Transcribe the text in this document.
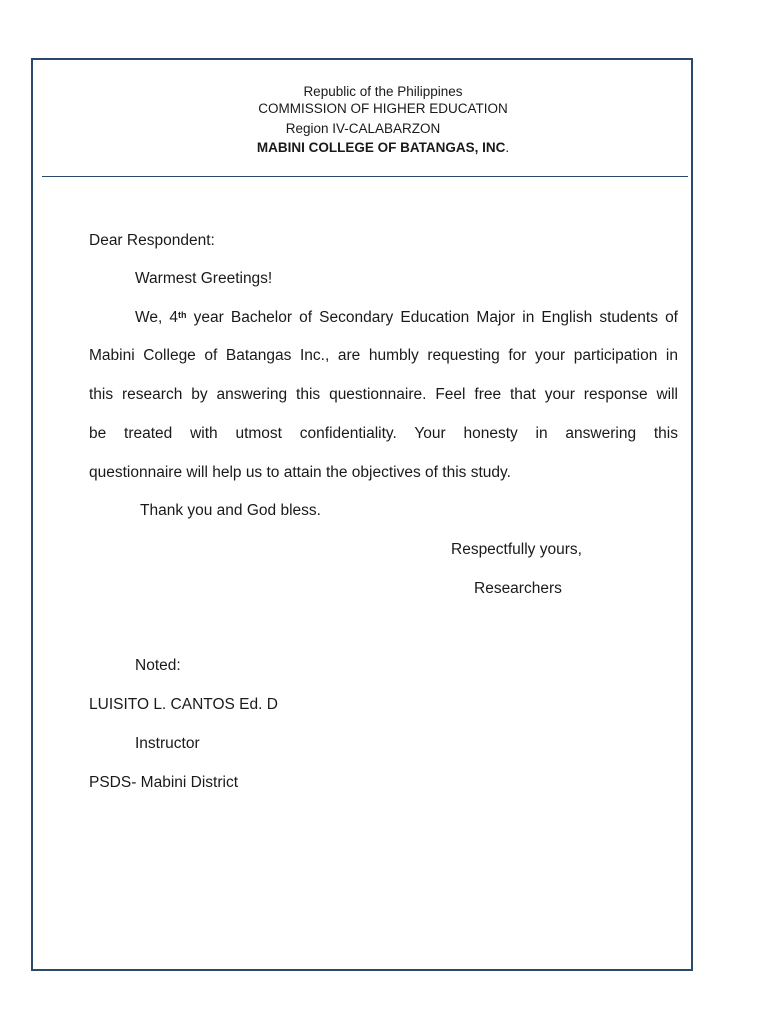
Republic of the Philippines
COMMISSION OF HIGHER EDUCATION
Region IV-CALABARZON
MABINI COLLEGE OF BATANGAS, INC.
Dear Respondent:
Warmest Greetings!
We, 4th year Bachelor of Secondary Education Major in English students of
Mabini College of Batangas Inc., are humbly requesting for your participation in
this research by answering this questionnaire. Feel free that your response will
be treated with utmost confidentiality. Your honesty in answering this
questionnaire will help us to attain the objectives of this study.
Thank you and God bless.
Respectfully yours,
Researchers
Noted:
LUISITO L. CANTOS Ed. D
Instructor
PSDS- Mabini District
